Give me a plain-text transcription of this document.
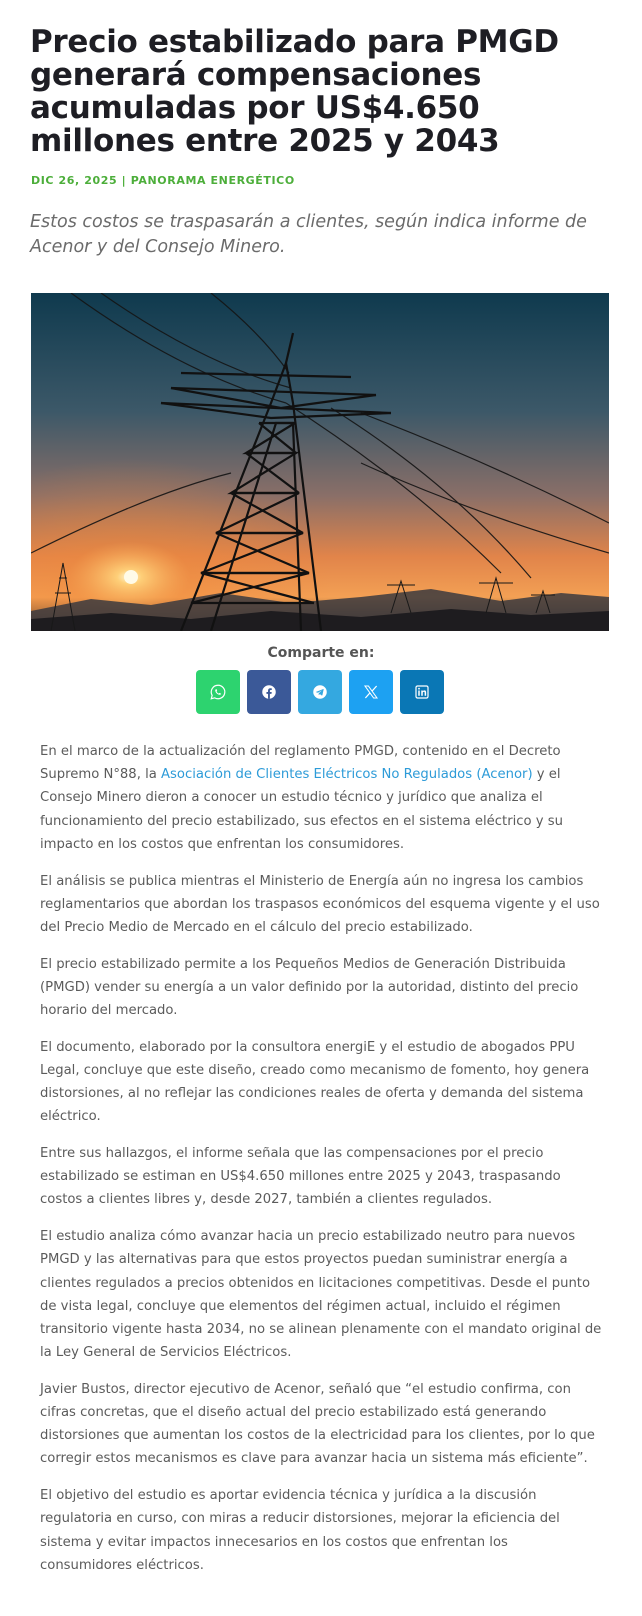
Precio estabilizado para PMGD generará compensaciones acumuladas por US$4.650 millones entre 2025 y 2043
DIC 26, 2025 | PANORAMA ENERGÉTICO
Estos costos se traspasarán a clientes, según indica informe de Acenor y del Consejo Minero.
Comparte en:

En el marco de la actualización del reglamento PMGD, contenido en el Decreto Supremo N°88, la Asociación de Clientes Eléctricos No Regulados (Acenor) y el Consejo Minero dieron a conocer un estudio técnico y jurídico que analiza el funcionamiento del precio estabilizado, sus efectos en el sistema eléctrico y su impacto en los costos que enfrentan los consumidores.

El análisis se publica mientras el Ministerio de Energía aún no ingresa los cambios reglamentarios que abordan los traspasos económicos del esquema vigente y el uso del Precio Medio de Mercado en el cálculo del precio estabilizado.

El precio estabilizado permite a los Pequeños Medios de Generación Distribuida (PMGD) vender su energía a un valor definido por la autoridad, distinto del precio horario del mercado.

El documento, elaborado por la consultora energiE y el estudio de abogados PPU Legal, concluye que este diseño, creado como mecanismo de fomento, hoy genera distorsiones, al no reflejar las condiciones reales de oferta y demanda del sistema eléctrico.

Entre sus hallazgos, el informe señala que las compensaciones por el precio estabilizado se estiman en US$4.650 millones entre 2025 y 2043, traspasando costos a clientes libres y, desde 2027, también a clientes regulados.

El estudio analiza cómo avanzar hacia un precio estabilizado neutro para nuevos PMGD y las alternativas para que estos proyectos puedan suministrar energía a clientes regulados a precios obtenidos en licitaciones competitivas. Desde el punto de vista legal, concluye que elementos del régimen actual, incluido el régimen transitorio vigente hasta 2034, no se alinean plenamente con el mandato original de la Ley General de Servicios Eléctricos.

Javier Bustos, director ejecutivo de Acenor, señaló que “el estudio confirma, con cifras concretas, que el diseño actual del precio estabilizado está generando distorsiones que aumentan los costos de la electricidad para los clientes, por lo que corregir estos mecanismos es clave para avanzar hacia un sistema más eficiente”.

El objetivo del estudio es aportar evidencia técnica y jurídica a la discusión regulatoria en curso, con miras a reducir distorsiones, mejorar la eficiencia del sistema y evitar impactos innecesarios en los costos que enfrentan los consumidores eléctricos.
